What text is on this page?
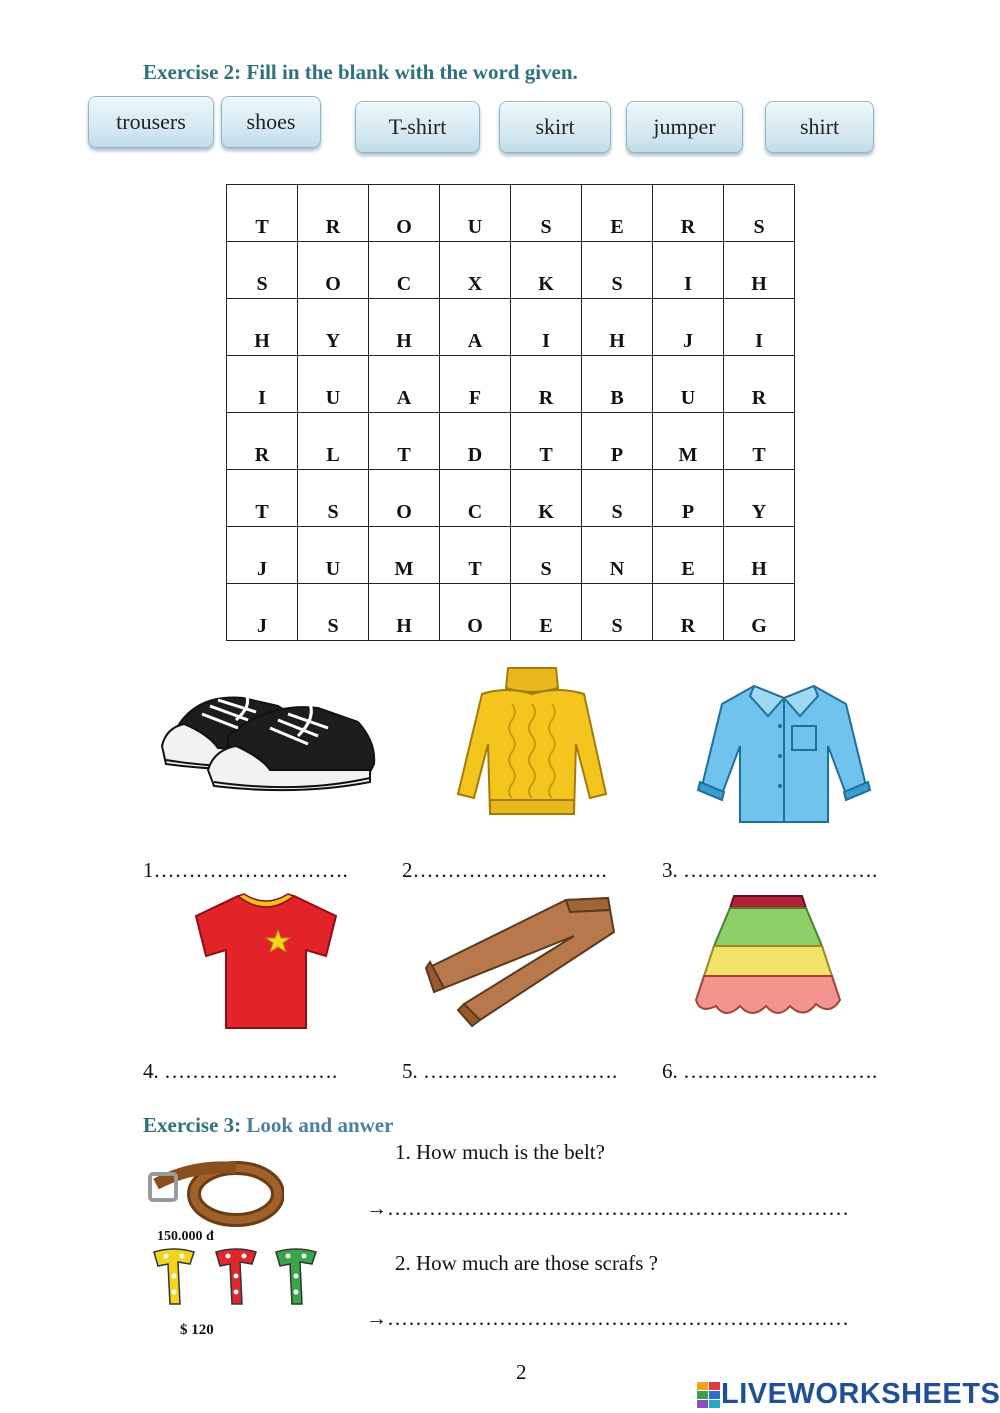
Exercise 2: Fill in the blank with the word given.
trousers	shoes	T-shirt	skirt	jumper	shirt
T	R	O	U	S	E	R	S
S	O	C	X	K	S	I	H
H	Y	H	A	I	H	J	I
I	U	A	F	R	B	U	R
R	L	T	D	T	P	M	T
T	S	O	C	K	S	P	Y
J	U	M	T	S	N	E	H
J	S	H	O	E	S	R	G
1……………………….	2……………………….	3. ……………………….
4. …………………….	5. ………………………. 6. ……………………….
Exercise 3: Look and anwer
150.000 đ
$ 120
1. How much is the belt?
→…………………………………………………………
2. How much are those scrafs ?
→…………………………………………………………
2
LIVEWORKSHEETS
